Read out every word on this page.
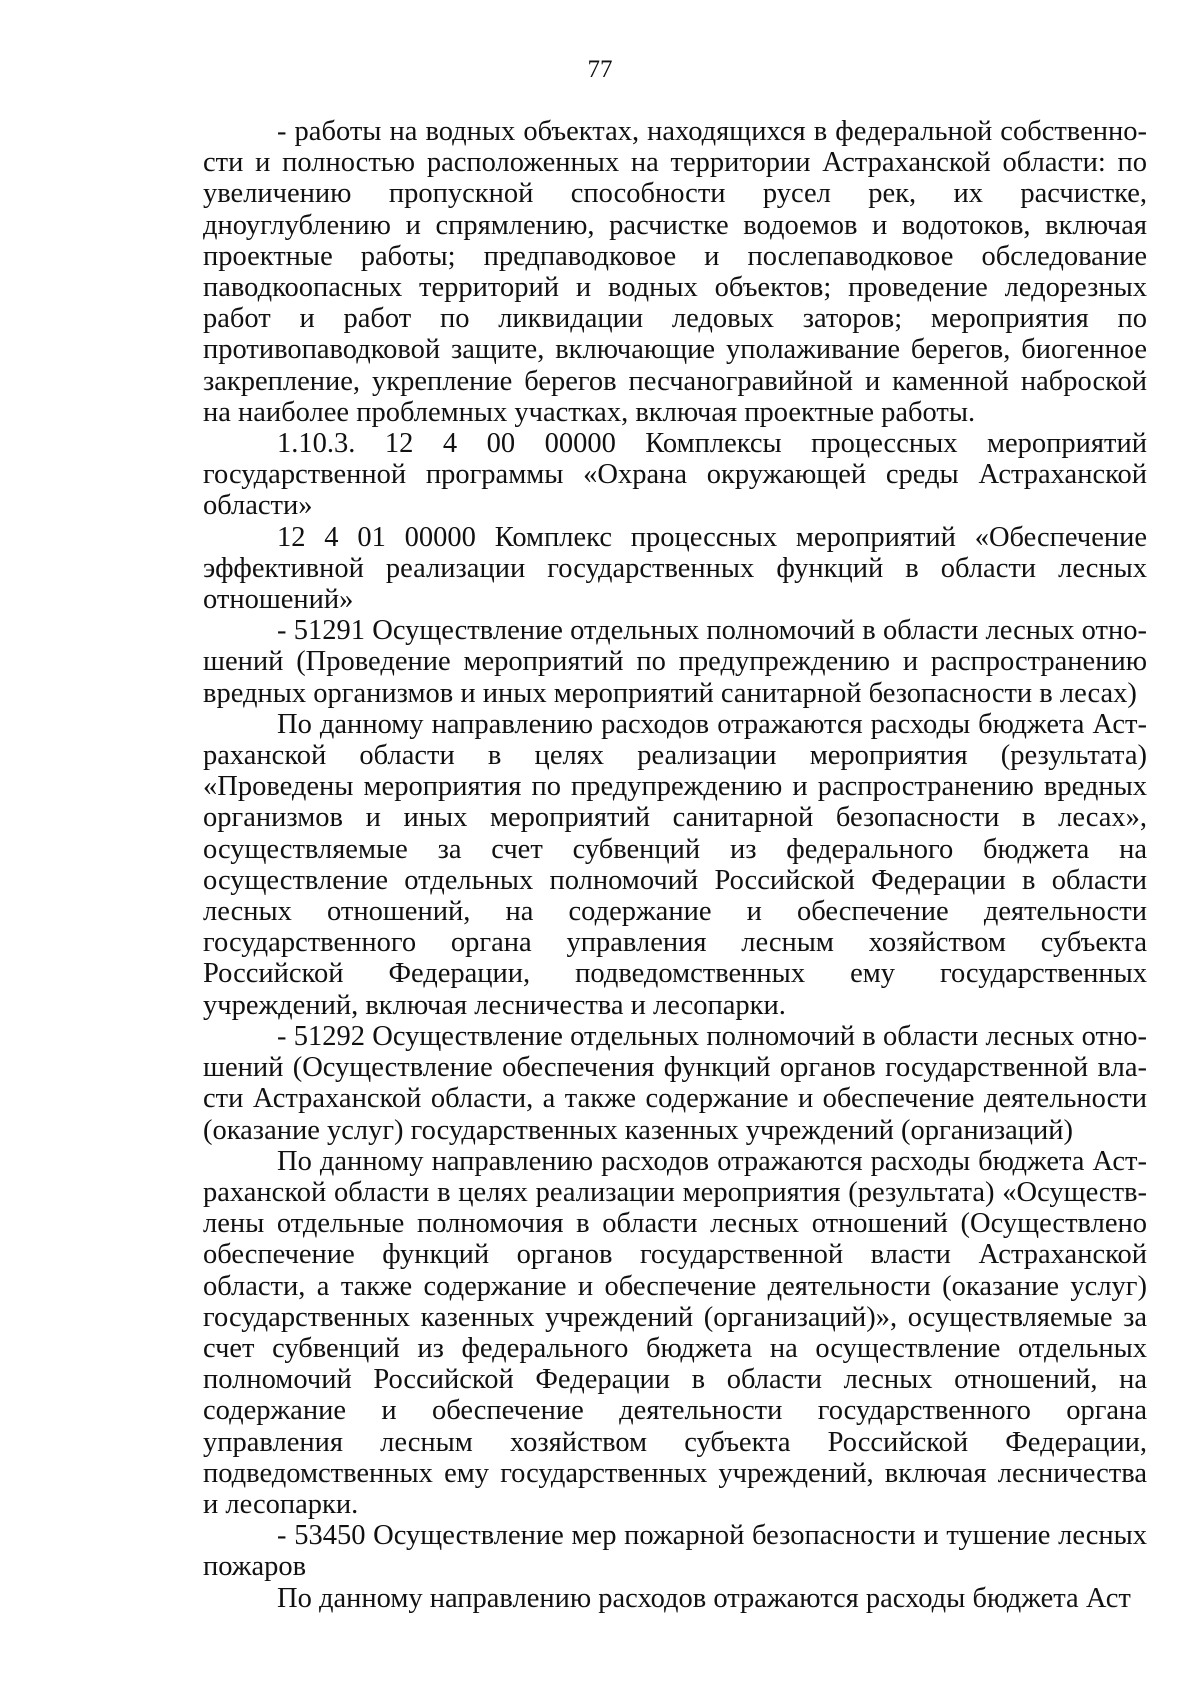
77

- работы на водных объектах, находящихся в федеральной собственности и полностью расположенных на территории Астраханской области: по увеличению пропускной способности русел рек, их расчистке, дноуглублению и спрямлению, расчистке водоемов и водотоков, включая проектные работы; предпаводковое и послепаводковое обследование паводкоопасных территорий и водных объектов; проведение ледорезных работ и работ по ликвидации ледовых заторов; мероприятия по противопаводковой защите, включающие уполаживание берегов, биогенное закрепление, укрепление берегов песчаногравийной и каменной наброской на наиболее проблемных участках, включая проектные работы.

1.10.3. 12 4 00 00000 Комплексы процессных мероприятий государственной программы «Охрана окружающей среды Астраханской области»

12 4 01 00000 Комплекс процессных мероприятий «Обеспечение эффективной реализации государственных функций в области лесных отношений»

- 51291 Осуществление отдельных полномочий в области лесных отношений (Проведение мероприятий по предупреждению и распространению вредных организмов и иных мероприятий санитарной безопасности в лесах)

По данному направлению расходов отражаются расходы бюджета Астраханской области в целях реализации мероприятия (результата) «Проведены мероприятия по предупреждению и распространению вредных организмов и иных мероприятий санитарной безопасности в лесах», осуществляемые за счет субвенций из федерального бюджета на осуществление отдельных полномочий Российской Федерации в области лесных отношений, на содержание и обеспечение деятельности государственного органа управления лесным хозяйством субъекта Российской Федерации, подведомственных ему государственных учреждений, включая лесничества и лесопарки.

- 51292 Осуществление отдельных полномочий в области лесных отношений (Осуществление обеспечения функций органов государственной власти Астраханской области, а также содержание и обеспечение деятельности (оказание услуг) государственных казенных учреждений (организаций)

По данному направлению расходов отражаются расходы бюджета Астраханской области в целях реализации мероприятия (результата) «Осуществлены отдельные полномочия в области лесных отношений (Осуществлено обеспечение функций органов государственной власти Астраханской области, а также содержание и обеспечение деятельности (оказание услуг) государственных казенных учреждений (организаций)», осуществляемые за счет субвенций из федерального бюджета на осуществление отдельных полномочий Российской Федерации в области лесных отношений, на содержание и обеспечение деятельности государственного органа управления лесным хозяйством субъекта Российской Федерации, подведомственных ему государственных учреждений, включая лесничества и лесопарки.

- 53450 Осуществление мер пожарной безопасности и тушение лесных пожаров

По данному направлению расходов отражаются расходы бюджета Аст
